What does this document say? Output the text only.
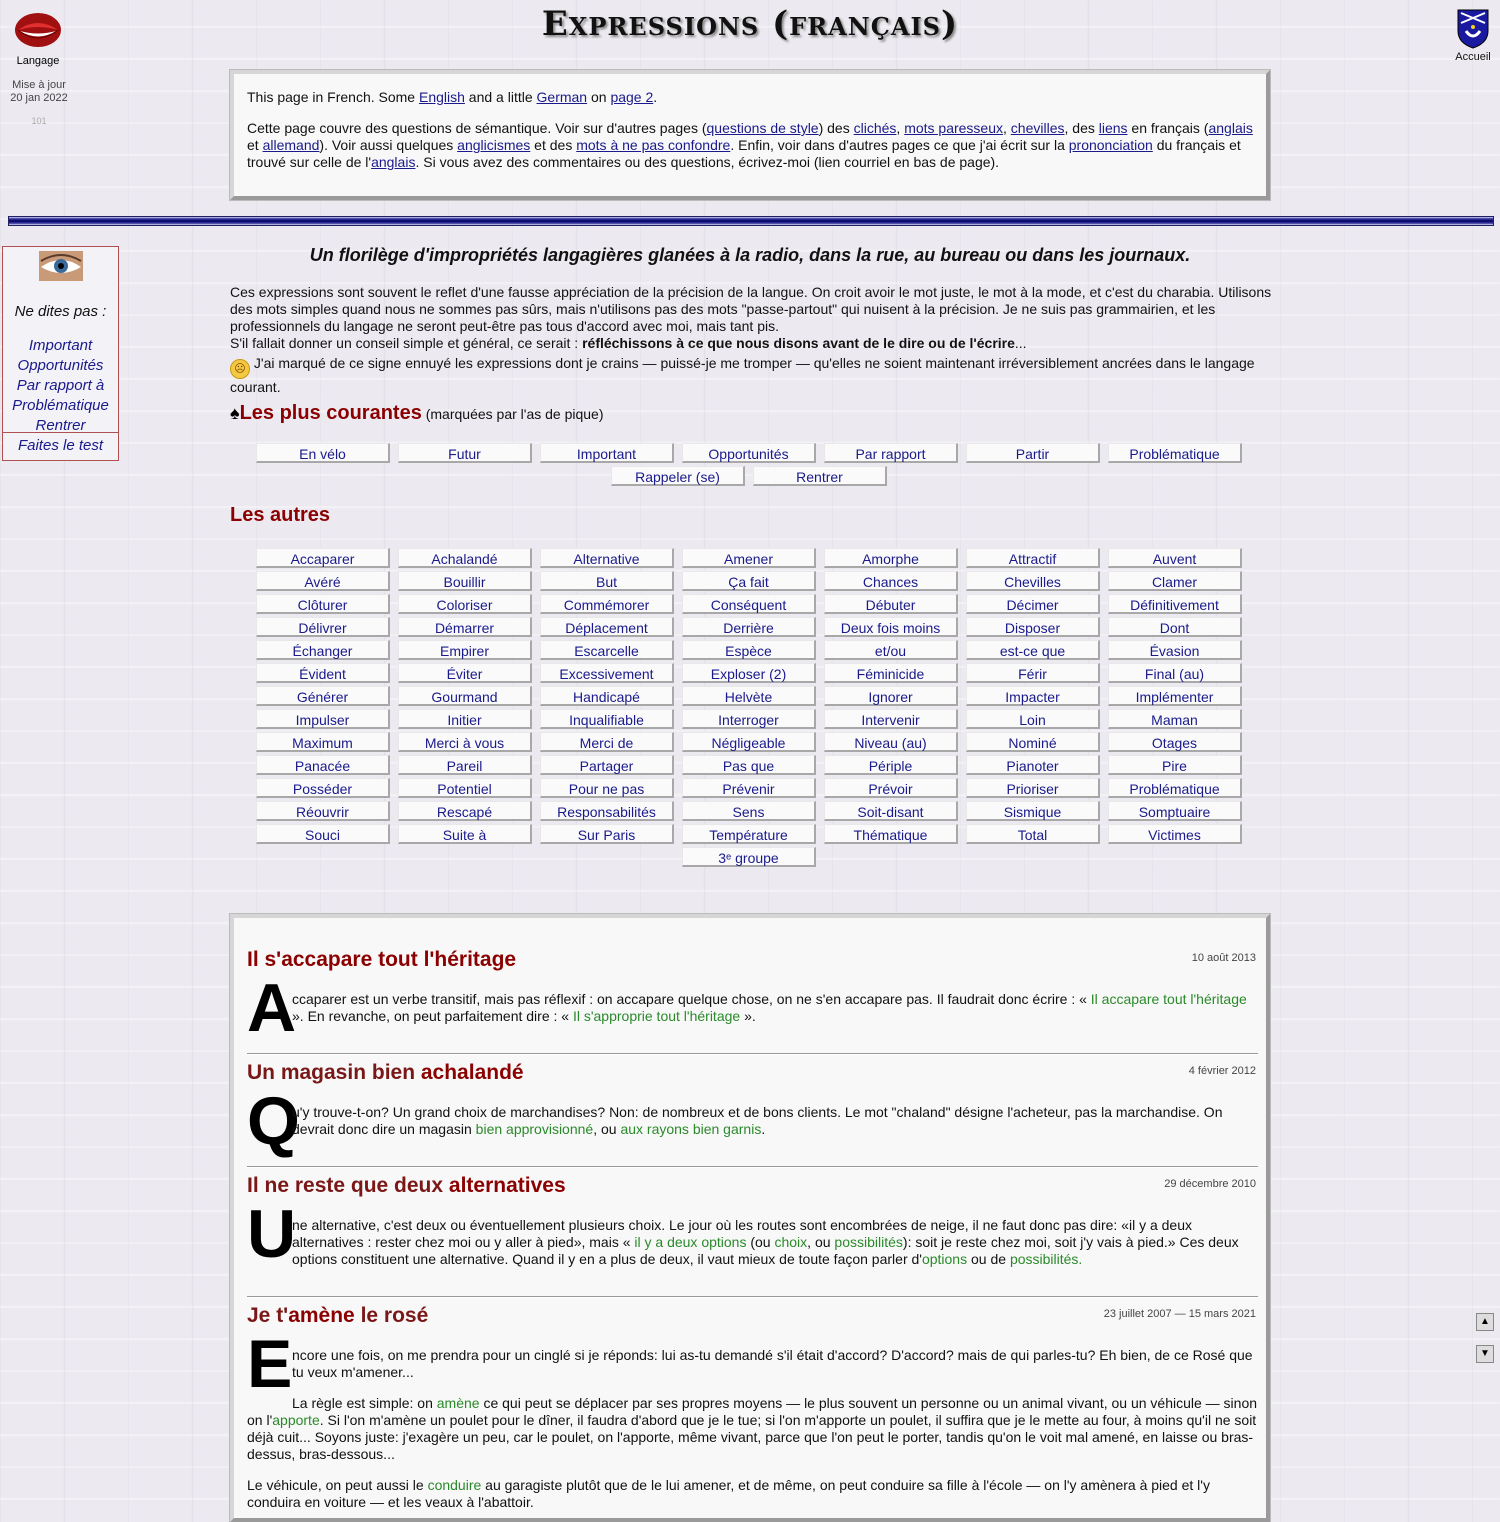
Langage
Mise à jour
20 jan 2022
101
Expressions (français)
Accueil

This page in French. Some English and a little German on page 2.

Cette page couvre des questions de sémantique. Voir sur d'autres pages (questions de style) des clichés, mots paresseux, chevilles, des liens en français (anglais et allemand). Voir aussi quelques anglicismes et des mots à ne pas confondre. Enfin, voir dans d'autres pages ce que j'ai écrit sur la prononciation du français et trouvé sur celle de l'anglais. Si vous avez des commentaires ou des questions, écrivez-moi (lien courriel en bas de page).

Ne dites pas :
Important
Opportunités
Par rapport à
Problématique
Rentrer
Faites le test
Un florilège d'impropriétés langagières glanées à la radio, dans la rue, au bureau ou dans les journaux.

Ces expressions sont souvent le reflet d'une fausse appréciation de la précision de la langue. On croit avoir le mot juste, le mot à la mode, et c'est du charabia. Utilisons des mots simples quand nous ne sommes pas sûrs, mais n'utilisons pas des mots "passe-partout" qui nuisent à la précision. Je ne suis pas grammairien, et les professionnels du langage ne seront peut-être pas tous d'accord avec moi, mais tant pis.

S'il fallait donner un conseil simple et général, ce serait : réfléchissons à ce que nous disons avant de le dire ou de l'écrire...

☹ J'ai marqué de ce signe ennuyé les expressions dont je crains — puissé-je me tromper — qu'elles ne soient maintenant irréversiblement ancrées dans le langage courant.

♠Les plus courantes (marquées par l'as de pique)
En vélo	Futur	Important	Opportunités	Par rapport	Partir	Problématique
Rappeler (se)	Rentrer
Les autres
Accaparer	Achalandé	Alternative	Amener	Amorphe	Attractif	Auvent
Avéré	Bouillir	But	Ça fait	Chances	Chevilles	Clamer
Clôturer	Coloriser	Commémorer	Conséquent	Débuter	Décimer	Définitivement
Délivrer	Démarrer	Déplacement	Derrière	Deux fois moins	Disposer	Dont
Échanger	Empirer	Escarcelle	Espèce	et/ou	est-ce que	Évasion
Évident	Éviter	Excessivement	Exploser (2)	Féminicide	Férir	Final (au)
Générer	Gourmand	Handicapé	Helvète	Ignorer	Impacter	Implémenter
Impulser	Initier	Inqualifiable	Interroger	Intervenir	Loin	Maman
Maximum	Merci à vous	Merci de	Négligeable	Niveau (au)	Nominé	Otages
Panacée	Pareil	Partager	Pas que	Périple	Pianoter	Pire
Posséder	Potentiel	Pour ne pas	Prévenir	Prévoir	Prioriser	Problématique
Réouvrir	Rescapé	Responsabilités	Sens	Soit-disant	Sismique	Somptuaire
Souci	Suite à	Sur Paris	Température	Thématique	Total	Victimes
3ᵉ groupe
Il s'accapare tout l'héritage	10 août 2013
A
ccaparer est un verbe transitif, mais pas réflexif : on accapare quelque chose, on ne s'en accapare pas. Il faudrait donc écrire : « Il accapare tout l'héritage ». En revanche, on peut parfaitement dire : « Il s'approprie tout l'héritage ».
Un magasin bien achalandé	4 février 2012
Q
u'y trouve-t-on? Un grand choix de marchandises? Non: de nombreux et de bons clients. Le mot "chaland" désigne l'acheteur, pas la marchandise. On devrait donc dire un magasin bien approvisionné, ou aux rayons bien garnis.
Il ne reste que deux alternatives	29 décembre 2010
U
ne alternative, c'est deux ou éventuellement plusieurs choix. Le jour où les routes sont encombrées de neige, il ne faut donc pas dire: «il y a deux alternatives : rester chez moi ou y aller à pied», mais « il y a deux options (ou choix, ou possibilités): soit je reste chez moi, soit j'y vais à pied.» Ces deux options constituent une alternative. Quand il y en a plus de deux, il vaut mieux de toute façon parler d'options ou de possibilités.
Je t'amène le rosé	23 juillet 2007 — 15 mars 2021
E ncore une fois, on me prendra pour un cinglé si je réponds: lui as-tu demandé s'il était d'accord? D'accord? mais de qui parles-tu? Eh bien, de ce Rosé que tu veux m'amener...
La règle est simple: on amène ce qui peut se déplacer par ses propres moyens — le plus souvent un personne ou un animal vivant, ou un véhicule — sinon on l'apporte. Si l'on m'amène un poulet pour le dîner, il faudra d'abord que je le tue; si l'on m'apporte un poulet, il suffira que je le mette au four, à moins qu'il ne soit déjà cuit... Soyons juste: j'exagère un peu, car le poulet, on l'apporte, même vivant, parce que l'on peut le porter, tandis qu'on le voit mal amené, en laisse ou bras-dessus, bras-dessous...
Le véhicule, on peut aussi le conduire au garagiste plutôt que de le lui amener, et de même, on peut conduire sa fille à l'école — on l'y amènera à pied et l'y conduira en voiture — et les veaux à l'abattoir.
▲
▼
